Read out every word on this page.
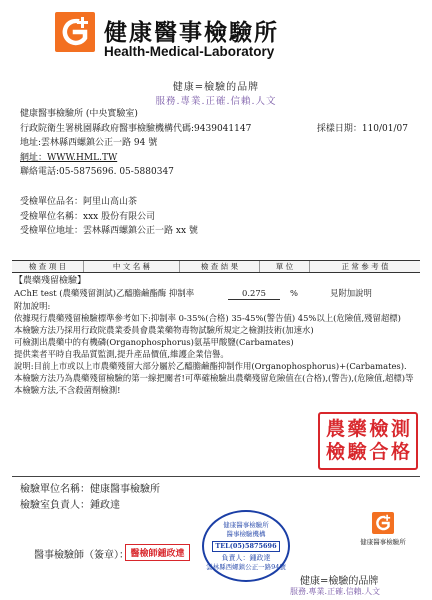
健康醫事檢驗所
Health-Medical-Laboratory
健康=檢驗的品牌
服務.專業.正確.信賴.人文
健康醫事檢驗所 (中央實驗室)
行政院衛生署桃園縣政府醫事檢驗機構代碼:9439041147
地址:雲林縣西螺鎮公正一路 94 號
網址：WWW.HML.TW
聯絡電話:05-5875696. 05-5880347
採樣日期：110/01/07
受檢單位品名：阿里山高山茶
受檢單位名稱：xxx 股份有限公司
受檢單位地址：雲林縣西螺鎮公正一路 xx 號
檢 查 項 目	中 文 名 稱	檢 查 結 果	單 位	正 常 參 考 值
【農藥殘留檢驗】
AChE test (農藥殘留測試)乙醯膽鹼酯酶 抑制率	0.275	%	見附加說明
附加說明:
依據現行農藥殘留檢驗標準參考如下:抑制率 0-35%(合格) 35-45%(警告值) 45%以上(危險值,殘留超標)
本檢驗方法乃採用行政院農業委員會農業藥物毒物試驗所規定之檢測技術(加速水)
可檢測出農藥中的有機磷(Organophosphorus)氨基甲酸鹽(Carbamates)
提供業者平時自我品質監測,提升產品價值,維護企業信譽。
說明:目前上市或以上市農藥殘留大部分屬於乙醯膽鹼酯抑制作用(Organophosphorus)+(Carbamates).
本檢驗方法乃為農藥殘留檢驗的第一線把關者!可準確檢驗出農藥殘留危險值在(合格),(警告),(危險值,超標)等
本檢驗方法,不含殺菌劑檢測!
農 藥 檢 測
檢 驗 合 格
檢驗單位名稱：健康醫事檢驗所
檢驗室負責人：鍾政達
醫事檢驗師（簽章）： 醫檢師鍾政達
健康醫事檢驗所
醫事檢驗機構
TEL(05)5875696
負責人：鍾政達
雲林縣西螺鎮公正一路94號
健康醫事檢驗所
健康=檢驗的品牌
服務.專業.正確.信賴.人文
